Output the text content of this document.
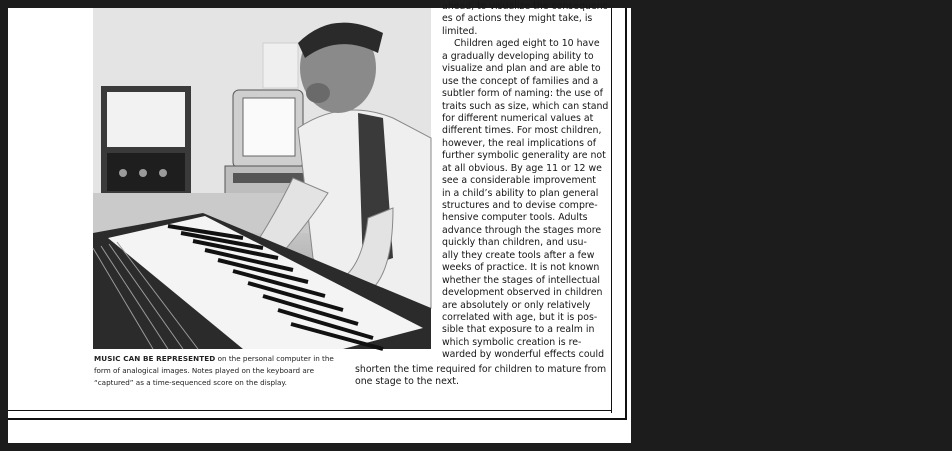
MUSIC CAN BE REPRESENTED on the personal computer in the form of analogical images. Notes played on the keyboard are “captured” as a time-sequenced score on the display.

ahead, to visualize the consequenc-
es of actions they might take, is
limited.
Children aged eight to 10 have
a gradually developing ability to
visualize and plan and are able to
use the concept of families and a
subtler form of naming: the use of
traits such as size, which can stand
for different numerical values at
different times. For most children,
however, the real implications of
further symbolic generality are not
at all obvious. By age 11 or 12 we
see a considerable improvement
in a child’s ability to plan general
structures and to devise compre-
hensive computer tools. Adults
advance through the stages more
quickly than children, and usu-
ally they create tools after a few
weeks of practice. It is not known
whether the stages of intellectual
development observed in children
are absolutely or only relatively
correlated with age, but it is pos-
sible that exposure to a realm in
which symbolic creation is re-
warded by wonderful effects could
shorten the time required for children to mature from
one stage to the next.
